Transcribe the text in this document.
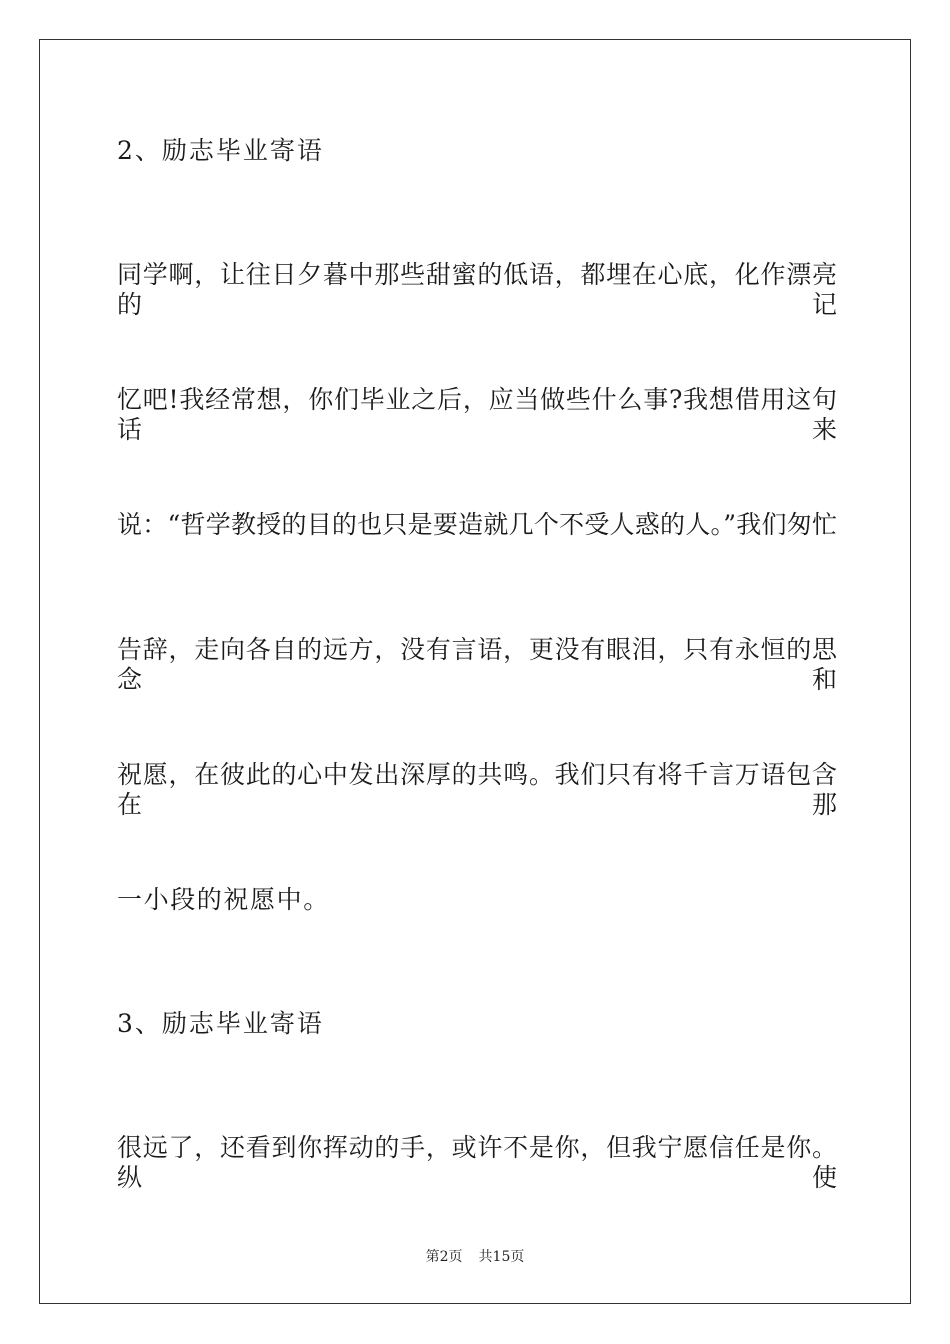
2、励志毕业寄语
同学啊，让往日夕暮中那些甜蜜的低语，都埋在心底，化作漂亮的记
忆吧!我经常想，你们毕业之后，应当做些什么事?我想借用这句话来
说：“哲学教授的目的也只是要造就几个不受人惑的人。”我们匆忙
告辞，走向各自的远方，没有言语，更没有眼泪，只有永恒的思念和
祝愿，在彼此的心中发出深厚的共鸣。我们只有将千言万语包含在那
一小段的祝愿中。
3、励志毕业寄语
很远了，还看到你挥动的手，或许不是你，但我宁愿信任是你。纵使
第2页 共15页
